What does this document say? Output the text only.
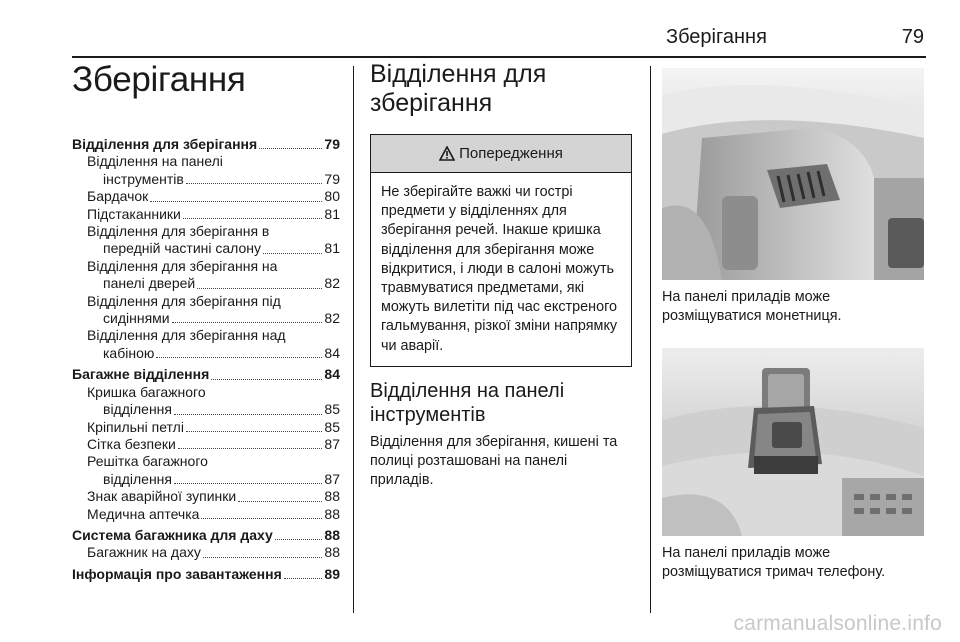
Зберігання	79
Зберігання
Відділення для зберігання	79
Відділення на панелі
інструментів	79
Бардачок	80
Підстаканники	81
Відділення для зберігання в
передній частині салону	81
Відділення для зберігання на
панелі дверей	82
Відділення для зберігання під
сидіннями	82
Відділення для зберігання над
кабіною	84
Багажне відділення	84
Кришка багажного
відділення	85
Кріпильні петлі	85
Сітка безпеки	87
Решітка багажного
відділення	87
Знак аварійної зупинки	88
Медична аптечка	88
Система багажника для даху	88
Багажник на даху	88
Інформація про завантаження	89
Відділення для
зберігання
Попередження
Не зберігайте важкі чи гострі предмети у відділеннях для зберігання речей. Інакше кришка відділення для зберігання може відкритися, і люди в салоні можуть травмуватися предметами, які можуть вилетіти під час екстреного гальмування, різкої зміни напрямку чи аварії.
Відділення на панелі
інструментів

Відділення для зберігання, кишені та полиці розташовані на панелі приладів.

На панелі приладів може розміщуватися монетниця.

На панелі приладів може розміщуватися тримач телефону.

carmanualsonline.info
